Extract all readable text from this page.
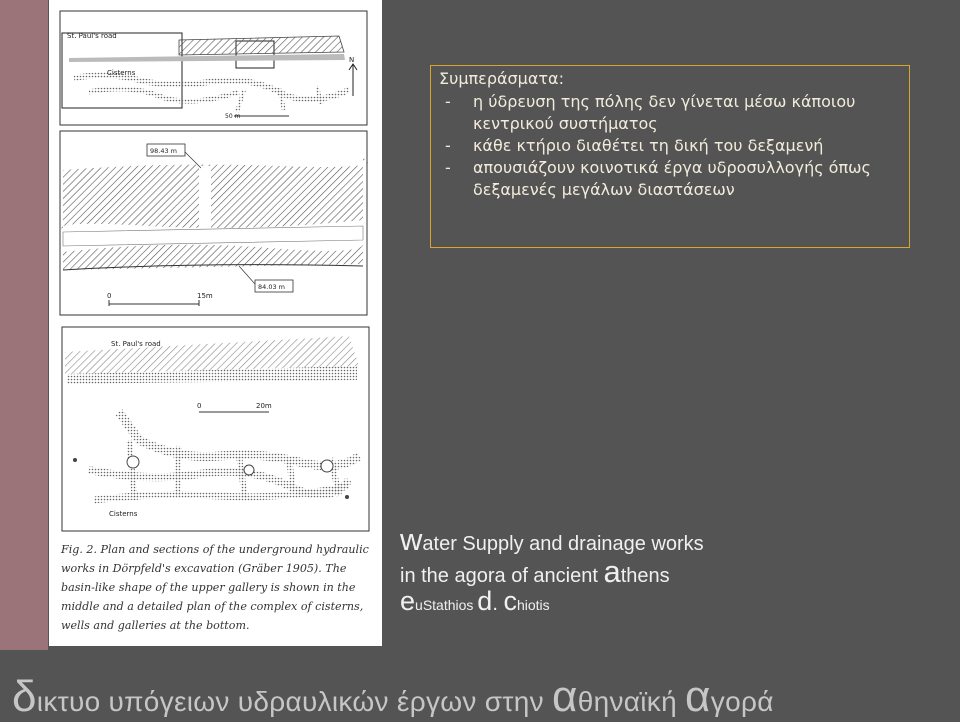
St. Paul's road
Cisterns
50 m
N
98.43 m
84.03 m
0	15m
0	20m
St. Paul's road
Cisterns
Fig. 2. Plan and sections of the underground hydraulic works in Dörpfeld's excavation (Gräber 1905). The basin-like shape of the upper gallery is shown in the middle and a detailed plan of the complex of cisterns, wells and galleries at the bottom.
Συμπεράσματα:
- η ύδρευση της πόλης δεν γίνεται μέσω κάποιου κεντρικού συστήματος
- κάθε κτήριο διαθέτει τη δική του δεξαμενή
- απουσιάζουν κοινοτικά έργα υδροσυλλογής όπως δεξαμενές μεγάλων διαστάσεων
water Supply and drainage works
in the agora of ancient athens
euStathios d. chiotis
δικτυο υπόγειων υδραυλικών έργων στην αθηναϊκή αγορά
